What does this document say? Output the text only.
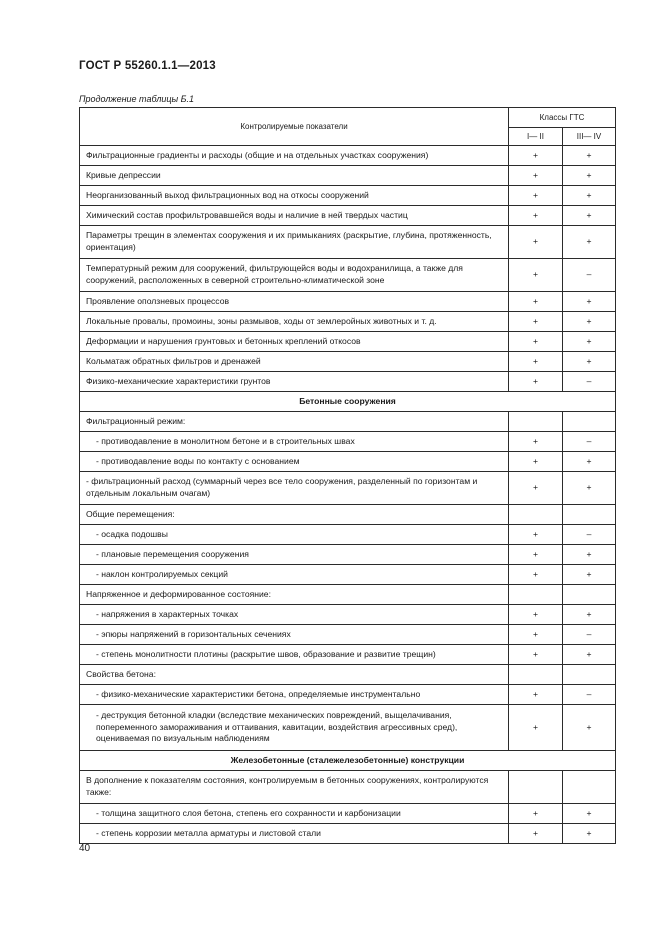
ГОСТ Р 55260.1.1—2013
Продолжение таблицы Б.1
Контролируемые показатели	Классы ГТС	
	I— II	III— IV
Фильтрационные градиенты и расходы (общие и на отдельных участках сооружения)	+	+
Кривые депрессии	+	+
Неорганизованный выход фильтрационных вод на откосы сооружений	+	+
Химический состав профильтровавшейся воды и наличие в ней твердых частиц	+	+
Параметры трещин в элементах сооружения и их примыканиях (раскрытие, глубина, протяженность, ориентация)	+	+
Температурный режим для сооружений, фильтрующейся воды и водохранилища, а также для сооружений, расположенных в северной строительно-климатической зоне	+	–
Проявление оползневых процессов	+	+
Локальные провалы, промоины, зоны размывов, ходы от землеройных животных и т. д.	+	+
Деформации и нарушения грунтовых и бетонных креплений откосов	+	+
Кольматаж обратных фильтров и дренажей	+	+
Физико-механические характеристики грунтов	+	–
Бетонные сооружения		
Фильтрационный режим:		
- противодавление в монолитном бетоне и в строительных швах	+	–
- противодавление воды по контакту с основанием	+	+
- фильтрационный расход (суммарный через все тело сооружения, разделенный по горизонтам и отдельным локальным очагам)	+	+
Общие перемещения:		
- осадка подошвы	+	–
- плановые перемещения сооружения	+	+
- наклон контролируемых секций	+	+
Напряженное и деформированное состояние:		
- напряжения в характерных точках	+	+
- эпюры напряжений в горизонтальных сечениях	+	–
- степень монолитности плотины (раскрытие швов, образование и развитие трещин)	+	+
Свойства бетона:		
- физико-механические характеристики бетона, определяемые инструментально	+	–
- деструкция бетонной кладки (вследствие механических повреждений, выщелачивания, попеременного замораживания и оттаивания, кавитации, воздействия агрессивных сред), оцениваемая по визуальным наблюдениям	+	+
Железобетонные (сталежелезобетонные) конструкции		
В дополнение к показателям состояния, контролируемым в бетонных сооружениях, контролируются также:		
- толщина защитного слоя бетона, степень его сохранности и карбонизации	+	+
- степень коррозии металла арматуры и листовой стали	+	+
40
